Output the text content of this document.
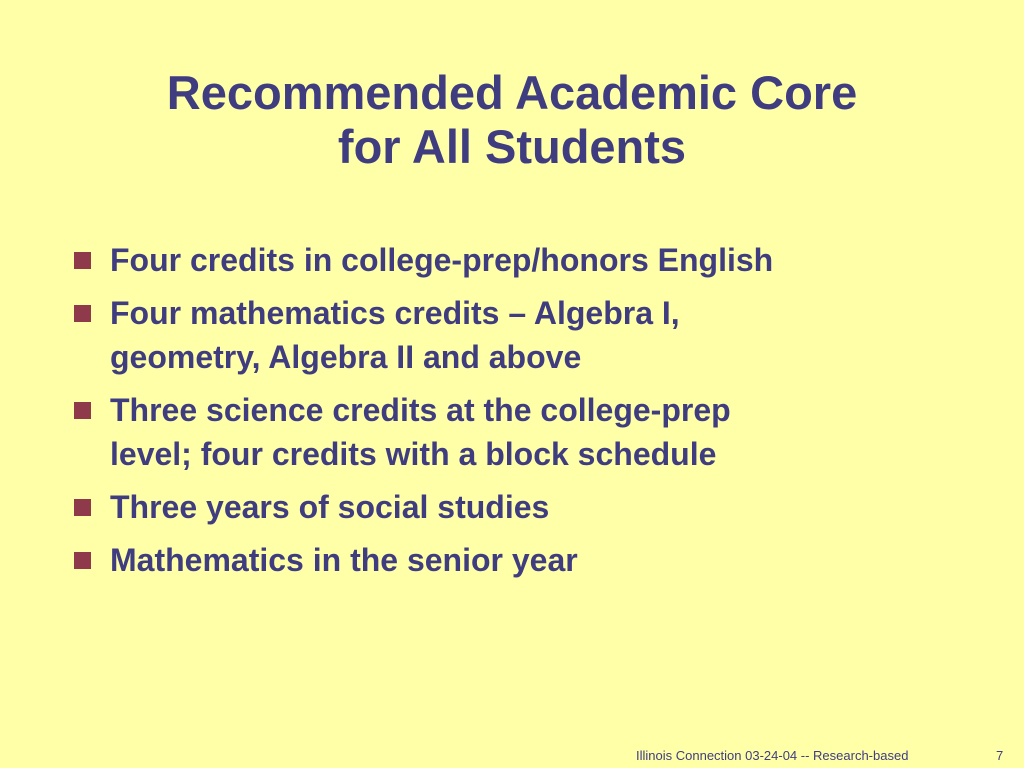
Recommended Academic Core
for All Students
Four credits in college-prep/honors English
Four mathematics credits – Algebra I,
geometry, Algebra II and above
Three science credits at the college-prep
level; four credits with a block schedule
Three years of social studies
Mathematics in the senior year
Illinois Connection 03-24-04 -- Research-based	7
